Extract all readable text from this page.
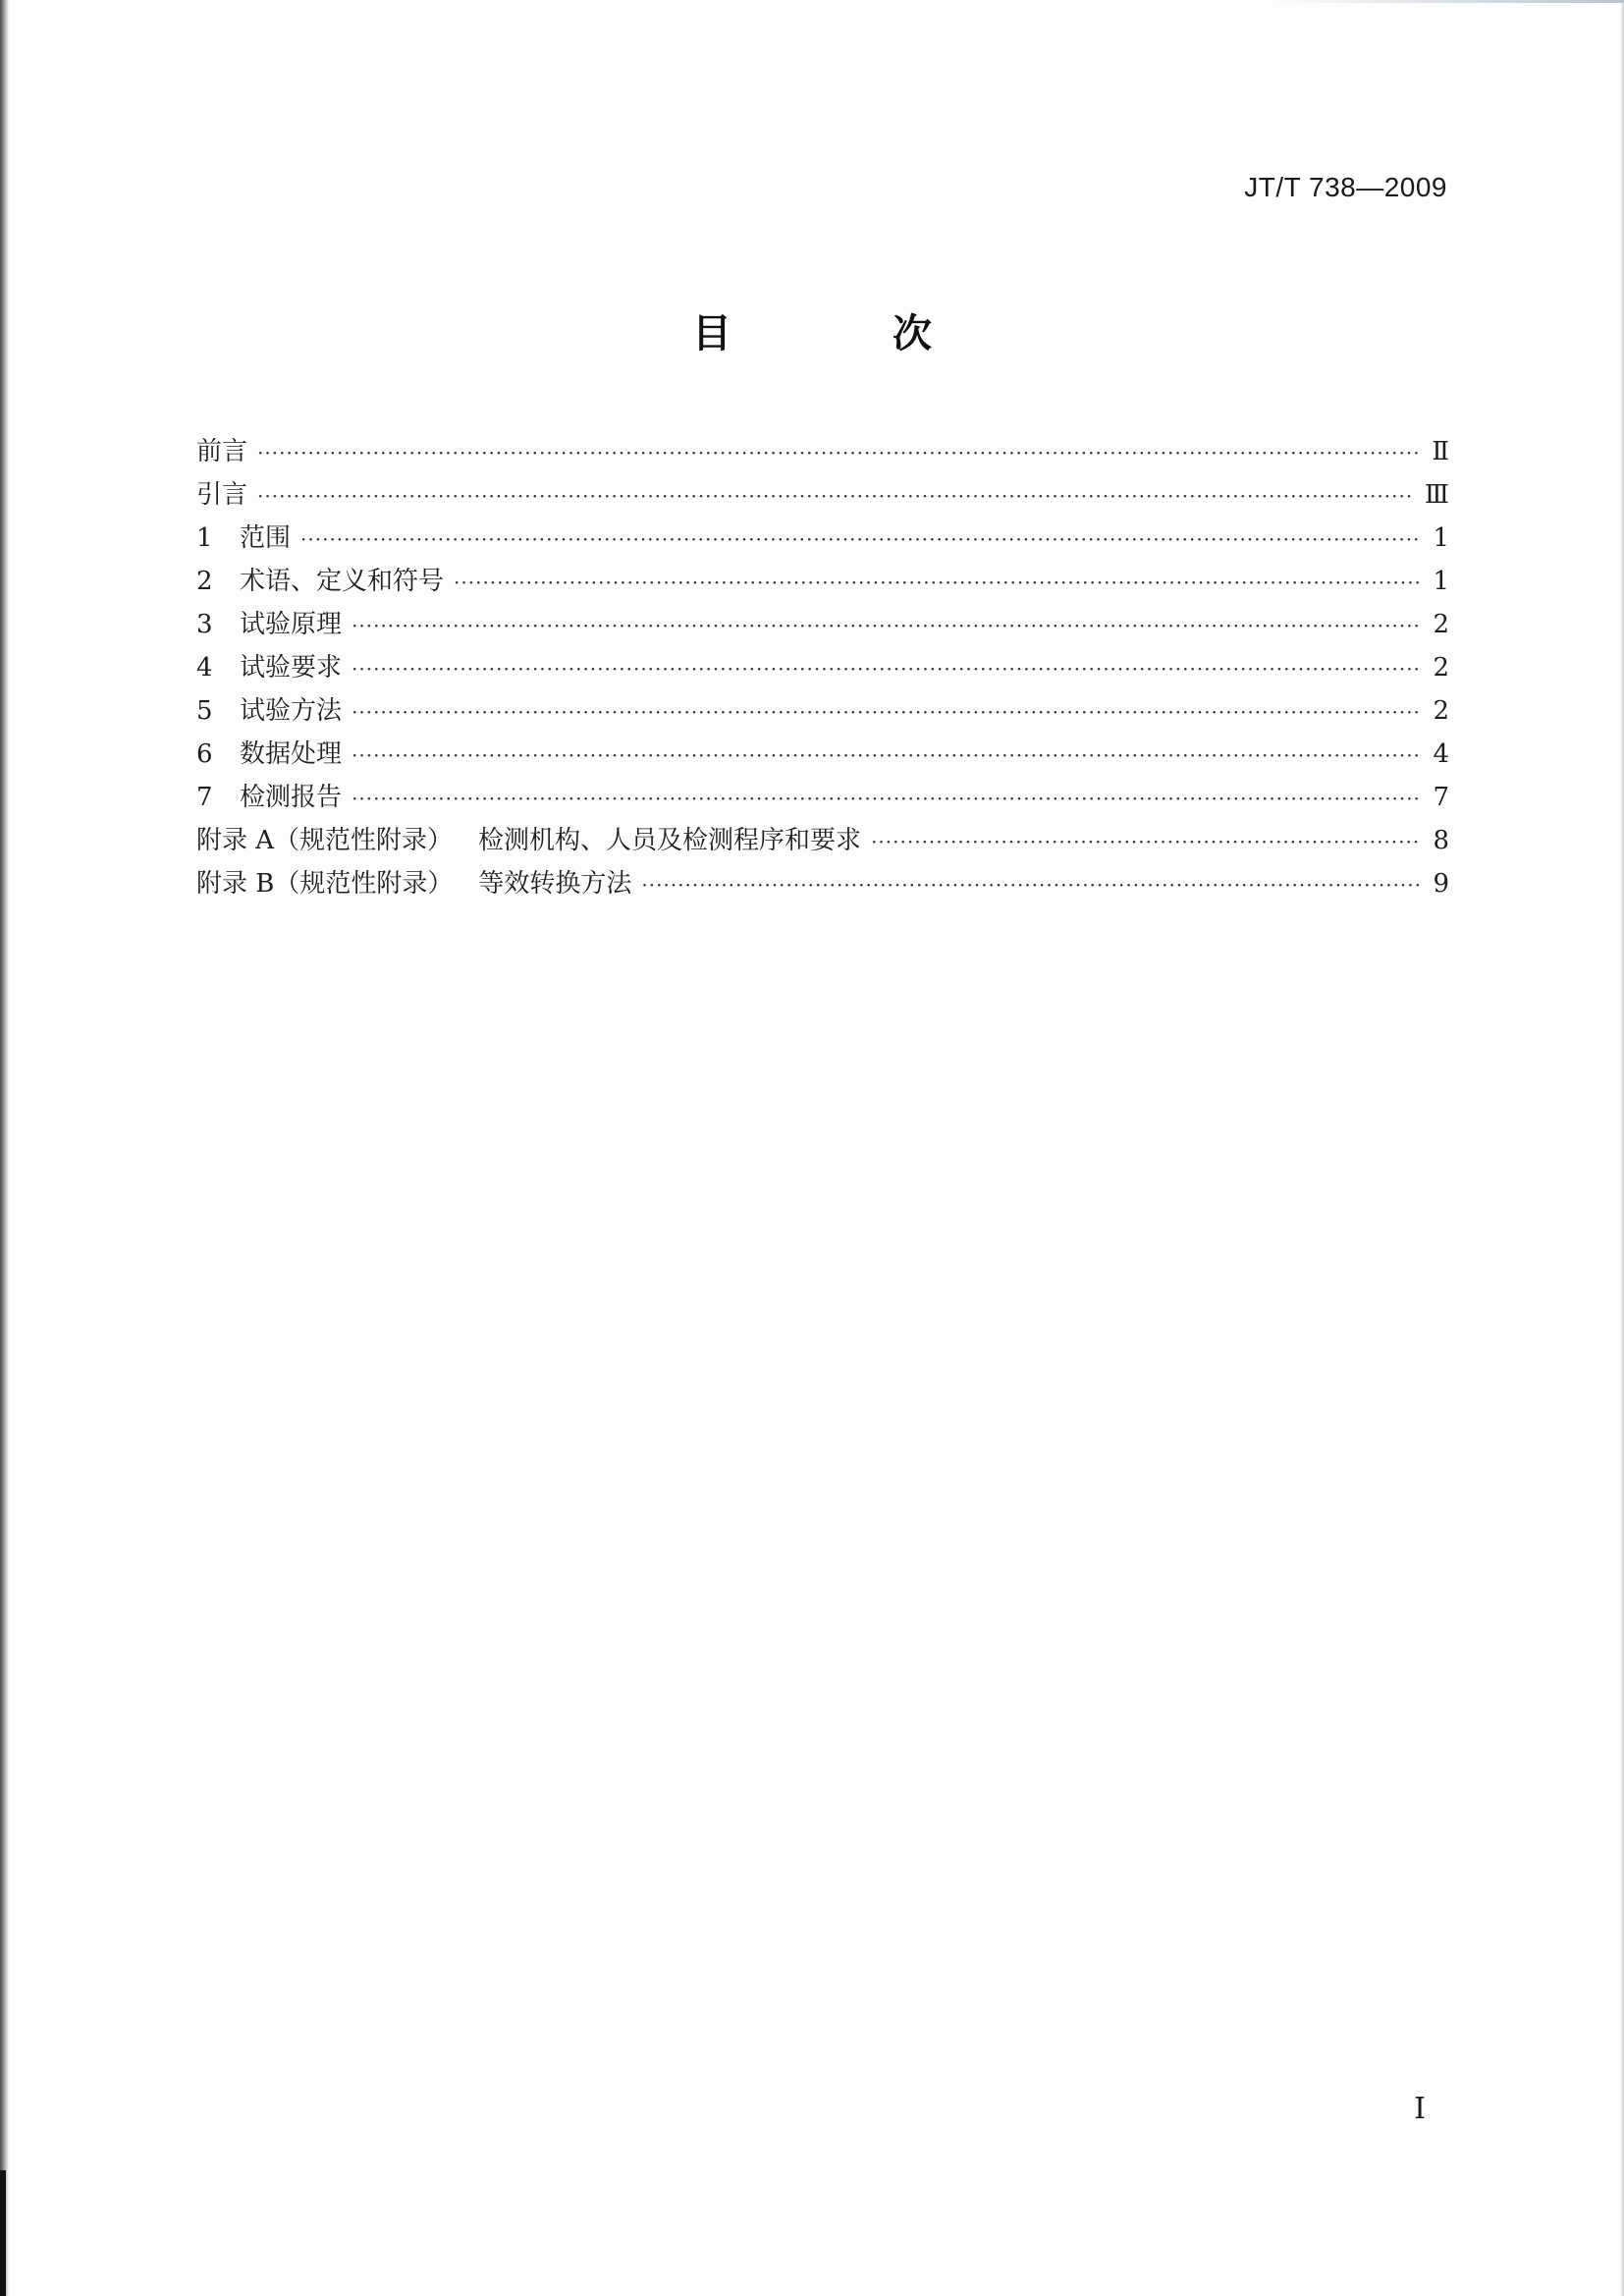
JT/T 738—2009
目 次
前言 ·····	Ⅱ
引言 ·····	Ⅲ
1	范围 ·····	1
2	术语、定义和符号 ·····	1
3	试验原理 ·····	2
4	试验要求 ·····	2
5	试验方法 ·····	2
6	数据处理 ·····	4
7	检测报告 ·····	7
附录 A（规范性附录） 检测机构、人员及检测程序和要求 ·····	8
附录 B（规范性附录） 等效转换方法 ·····	9
I
